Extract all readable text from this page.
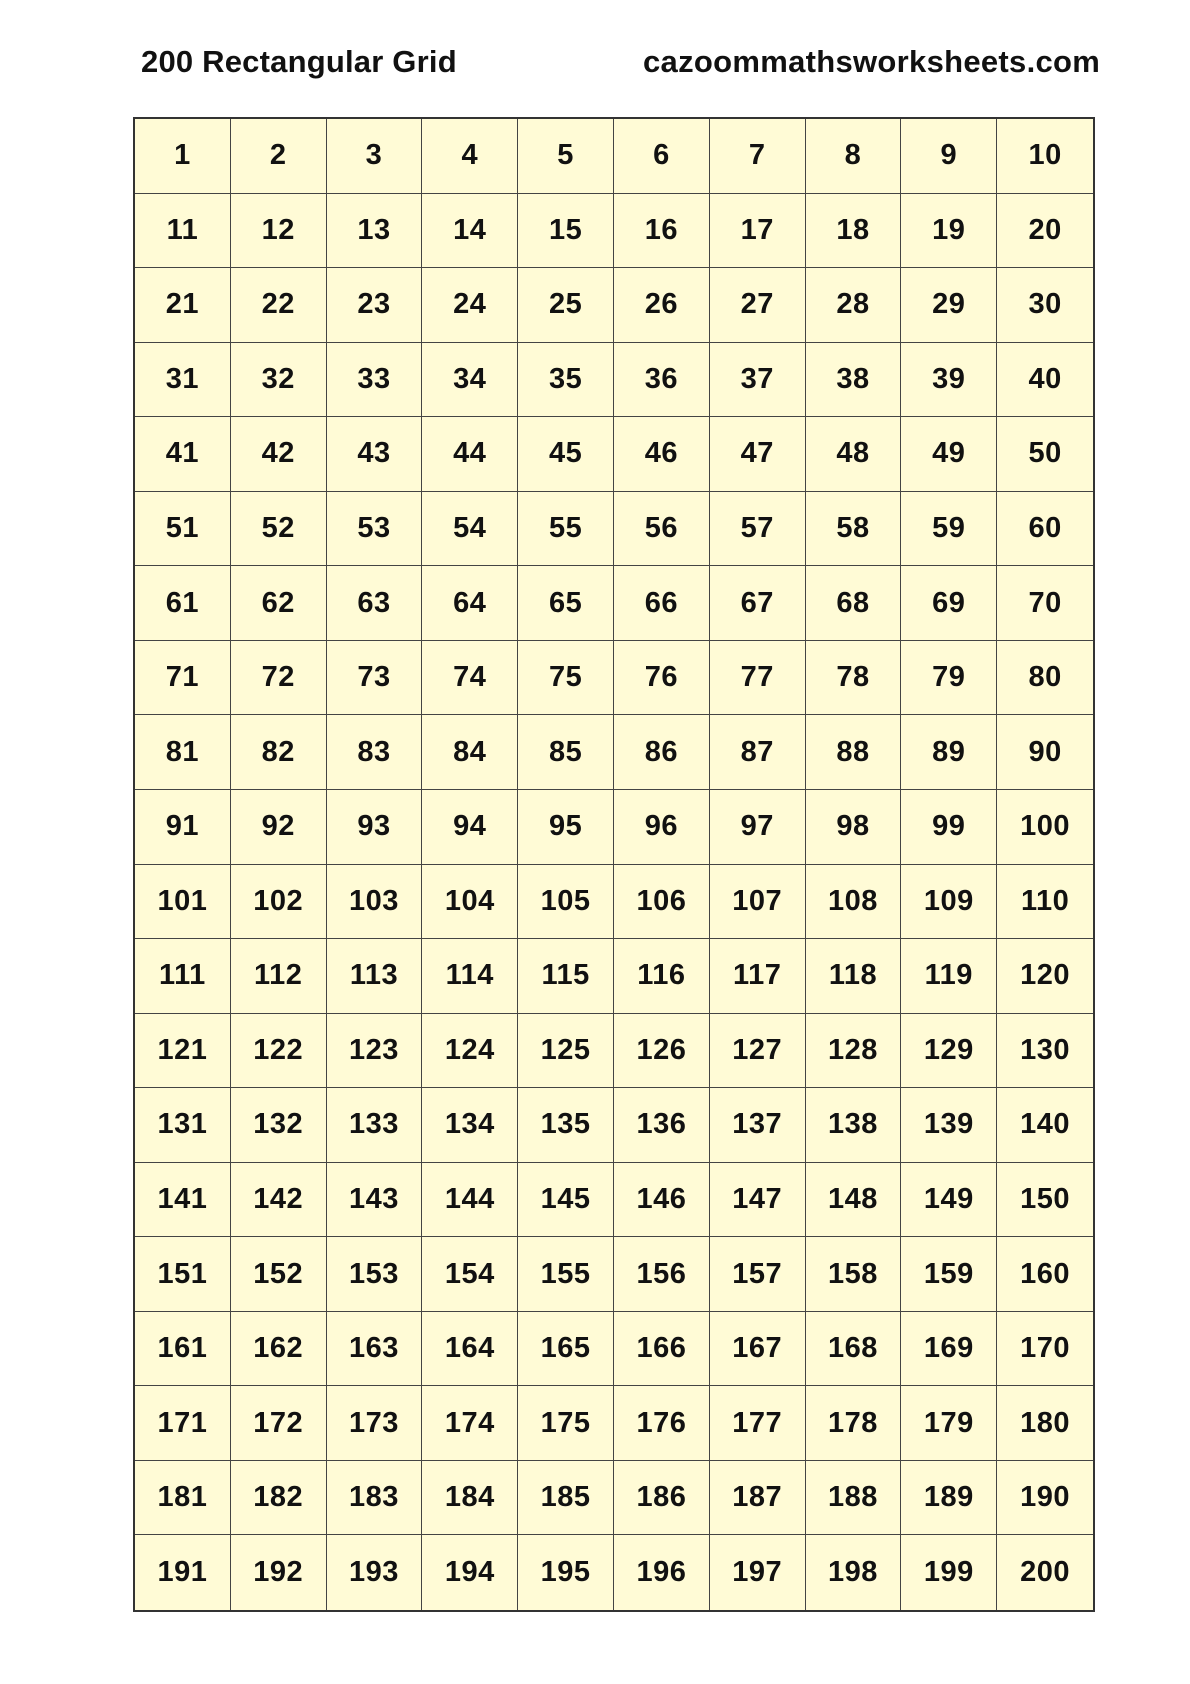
200 Rectangular Grid	cazoommathsworksheets.com
1	2	3	4	5	6	7	8	9	10
11	12	13	14	15	16	17	18	19	20
21	22	23	24	25	26	27	28	29	30
31	32	33	34	35	36	37	38	39	40
41	42	43	44	45	46	47	48	49	50
51	52	53	54	55	56	57	58	59	60
61	62	63	64	65	66	67	68	69	70
71	72	73	74	75	76	77	78	79	80
81	82	83	84	85	86	87	88	89	90
91	92	93	94	95	96	97	98	99	100
101	102	103	104	105	106	107	108	109	110
111	112	113	114	115	116	117	118	119	120
121	122	123	124	125	126	127	128	129	130
131	132	133	134	135	136	137	138	139	140
141	142	143	144	145	146	147	148	149	150
151	152	153	154	155	156	157	158	159	160
161	162	163	164	165	166	167	168	169	170
171	172	173	174	175	176	177	178	179	180
181	182	183	184	185	186	187	188	189	190
191	192	193	194	195	196	197	198	199	200
